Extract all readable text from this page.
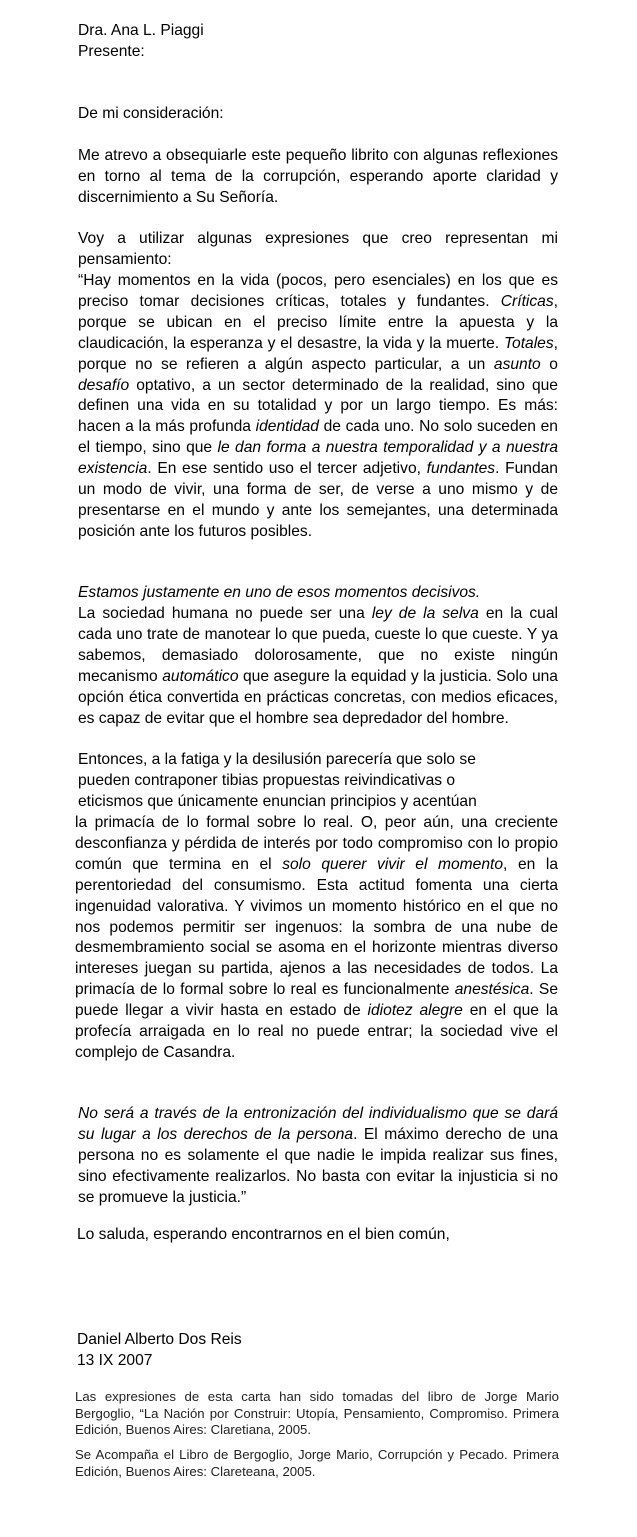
Dra. Ana L. Piaggi
Presente:
De mi consideración:

Me atrevo a obsequiarle este pequeño librito con algunas reflexiones en torno al tema de la corrupción, esperando aporte claridad y discernimiento a Su Señoría.

Voy a utilizar algunas expresiones que creo representan mi pensamiento:

“Hay momentos en la vida (pocos, pero esenciales) en los que es preciso tomar decisiones críticas, totales y fundantes. Críticas, porque se ubican en el preciso límite entre la apuesta y la claudicación, la esperanza y el desastre, la vida y la muerte. Totales, porque no se refieren a algún aspecto particular, a un asunto o desafío optativo, a un sector determinado de la realidad, sino que definen una vida en su totalidad y por un largo tiempo. Es más: hacen a la más profunda identidad de cada uno. No solo suceden en el tiempo, sino que le dan forma a nuestra temporalidad y a nuestra existencia. En ese sentido uso el tercer adjetivo, fundantes. Fundan un modo de vivir, una forma de ser, de verse a uno mismo y de presentarse en el mundo y ante los semejantes, una determinada posición ante los futuros posibles.

Estamos justamente en uno de esos momentos decisivos.

La sociedad humana no puede ser una ley de la selva en la cual cada uno trate de manotear lo que pueda, cueste lo que cueste. Y ya sabemos, demasiado dolorosamente, que no existe ningún mecanismo automático que asegure la equidad y la justicia. Solo una opción ética convertida en prácticas concretas, con medios eficaces, es capaz de evitar que el hombre sea depredador del hombre.

Entonces, a la fatiga y la desilusión parecería que solo se
pueden contraponer tibias propuestas reivindicativas o
eticismos que únicamente enuncian principios y acentúan

la primacía de lo formal sobre lo real. O, peor aún, una creciente desconfianza y pérdida de interés por todo compromiso con lo propio común que termina en el solo querer vivir el momento, en la perentoriedad del consumismo. Esta actitud fomenta una cierta ingenuidad valorativa. Y vivimos un momento histórico en el que no nos podemos permitir ser ingenuos: la sombra de una nube de desmembramiento social se asoma en el horizonte mientras diverso intereses juegan su partida, ajenos a las necesidades de todos. La primacía de lo formal sobre lo real es funcionalmente anestésica. Se puede llegar a vivir hasta en estado de idiotez alegre en el que la profecía arraigada en lo real no puede entrar; la sociedad vive el complejo de Casandra.

No será a través de la entronización del individualismo que se dará su lugar a los derechos de la persona. El máximo derecho de una persona no es solamente el que nadie le impida realizar sus fines, sino efectivamente realizarlos. No basta con evitar la injusticia si no se promueve la justicia.”

Lo saluda, esperando encontrarnos en el bien común,

Daniel Alberto Dos Reis
13 IX 2007

Las expresiones de esta carta han sido tomadas del libro de Jorge Mario Bergoglio, “La Nación por Construir: Utopía, Pensamiento, Compromiso. Primera Edición, Buenos Aires: Claretiana, 2005.

Se Acompaña el Libro de Bergoglio, Jorge Mario, Corrupción y Pecado. Primera Edición, Buenos Aires: Clareteana, 2005.
